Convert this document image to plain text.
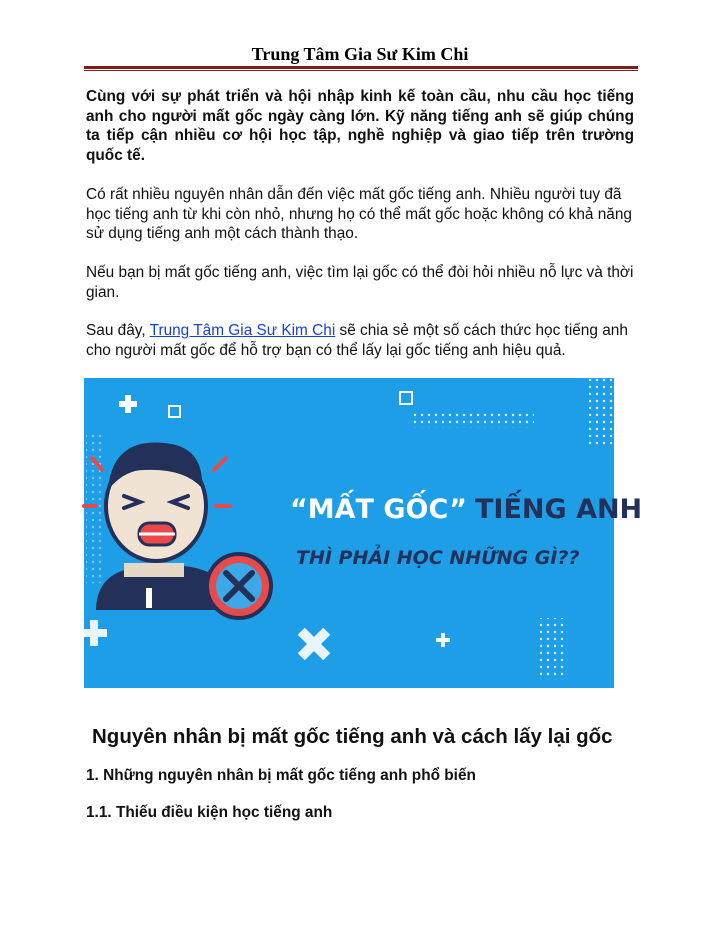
Trung Tâm Gia Sư Kim Chi
Cùng với sự phát triển và hội nhập kinh kế toàn cầu, nhu cầu học tiếng anh cho người mất gốc ngày càng lớn. Kỹ năng tiếng anh sẽ giúp chúng ta tiếp cận nhiều cơ hội học tập, nghề nghiệp và giao tiếp trên trường quốc tế.
Có rất nhiều nguyên nhân dẫn đến việc mất gốc tiếng anh. Nhiều người tuy đã học tiếng anh từ khi còn nhỏ, nhưng họ có thể mất gốc hoặc không có khả năng sử dụng tiếng anh một cách thành thạo.
Nếu bạn bị mất gốc tiếng anh, việc tìm lại gốc có thể đòi hỏi nhiều nỗ lực và thời gian.
Sau đây, Trung Tâm Gia Sư Kim Chi sẽ chia sẻ một số cách thức học tiếng anh cho người mất gốc để hỗ trợ bạn có thể lấy lại gốc tiếng anh hiệu quả.
“MẤT GỐC” TIẾNG ANH
THÌ PHẢI HỌC NHỮNG GÌ??
Nguyên nhân bị mất gốc tiếng anh và cách lấy lại gốc
1. Những nguyên nhân bị mất gốc tiếng anh phổ biến
1.1. Thiếu điều kiện học tiếng anh
